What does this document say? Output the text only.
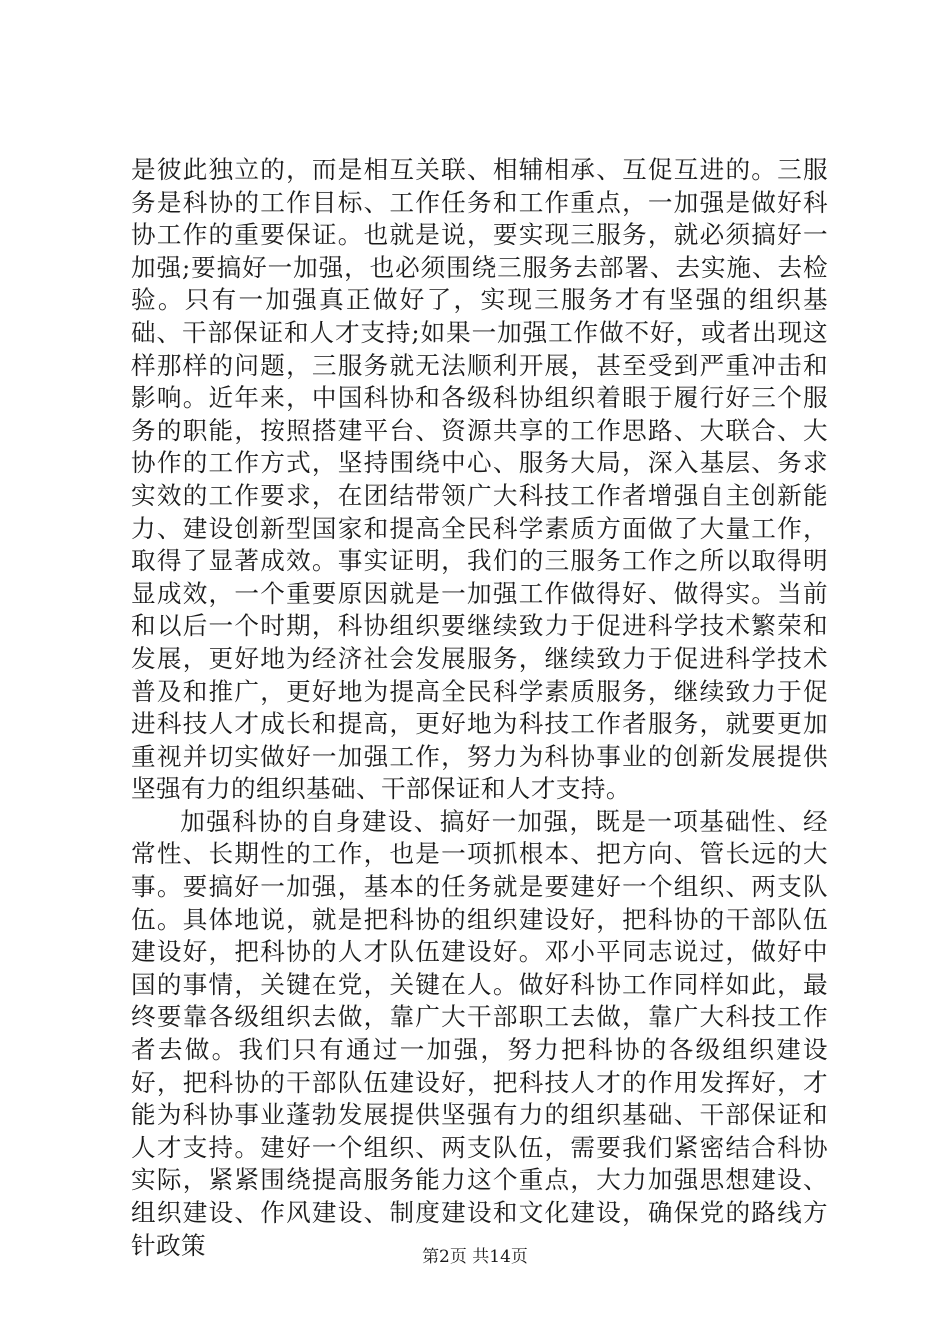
是彼此独立的，而是相互关联、相辅相承、互促互进的。三服务是科协的工作目标、工作任务和工作重点，一加强是做好科协工作的重要保证。也就是说，要实现三服务，就必须搞好一加强;要搞好一加强，也必须围绕三服务去部署、去实施、去检验。只有一加强真正做好了，实现三服务才有坚强的组织基础、干部保证和人才支持;如果一加强工作做不好，或者出现这样那样的问题，三服务就无法顺利开展，甚至受到严重冲击和影响。近年来，中国科协和各级科协组织着眼于履行好三个服务的职能，按照搭建平台、资源共享的工作思路、大联合、大协作的工作方式，坚持围绕中心、服务大局，深入基层、务求实效的工作要求，在团结带领广大科技工作者增强自主创新能力、建设创新型国家和提高全民科学素质方面做了大量工作，取得了显著成效。事实证明，我们的三服务工作之所以取得明显成效，一个重要原因就是一加强工作做得好、做得实。当前和以后一个时期，科协组织要继续致力于促进科学技术繁荣和发展，更好地为经济社会发展服务，继续致力于促进科学技术普及和推广，更好地为提高全民科学素质服务，继续致力于促进科技人才成长和提高，更好地为科技工作者服务，就要更加重视并切实做好一加强工作，努力为科协事业的创新发展提供坚强有力的组织基础、干部保证和人才支持。

加强科协的自身建设、搞好一加强，既是一项基础性、经常性、长期性的工作，也是一项抓根本、把方向、管长远的大事。要搞好一加强，基本的任务就是要建好一个组织、两支队伍。具体地说，就是把科协的组织建设好，把科协的干部队伍建设好，把科协的人才队伍建设好。邓小平同志说过，做好中国的事情，关键在党，关键在人。做好科协工作同样如此，最终要靠各级组织去做，靠广大干部职工去做，靠广大科技工作者去做。我们只有通过一加强，努力把科协的各级组织建设好，把科协的干部队伍建设好，把科技人才的作用发挥好，才能为科协事业蓬勃发展提供坚强有力的组织基础、干部保证和人才支持。建好一个组织、两支队伍，需要我们紧密结合科协实际，紧紧围绕提高服务能力这个重点，大力加强思想建设、组织建设、作风建设、制度建设和文化建设，确保党的路线方针政策	第2页 共14页
